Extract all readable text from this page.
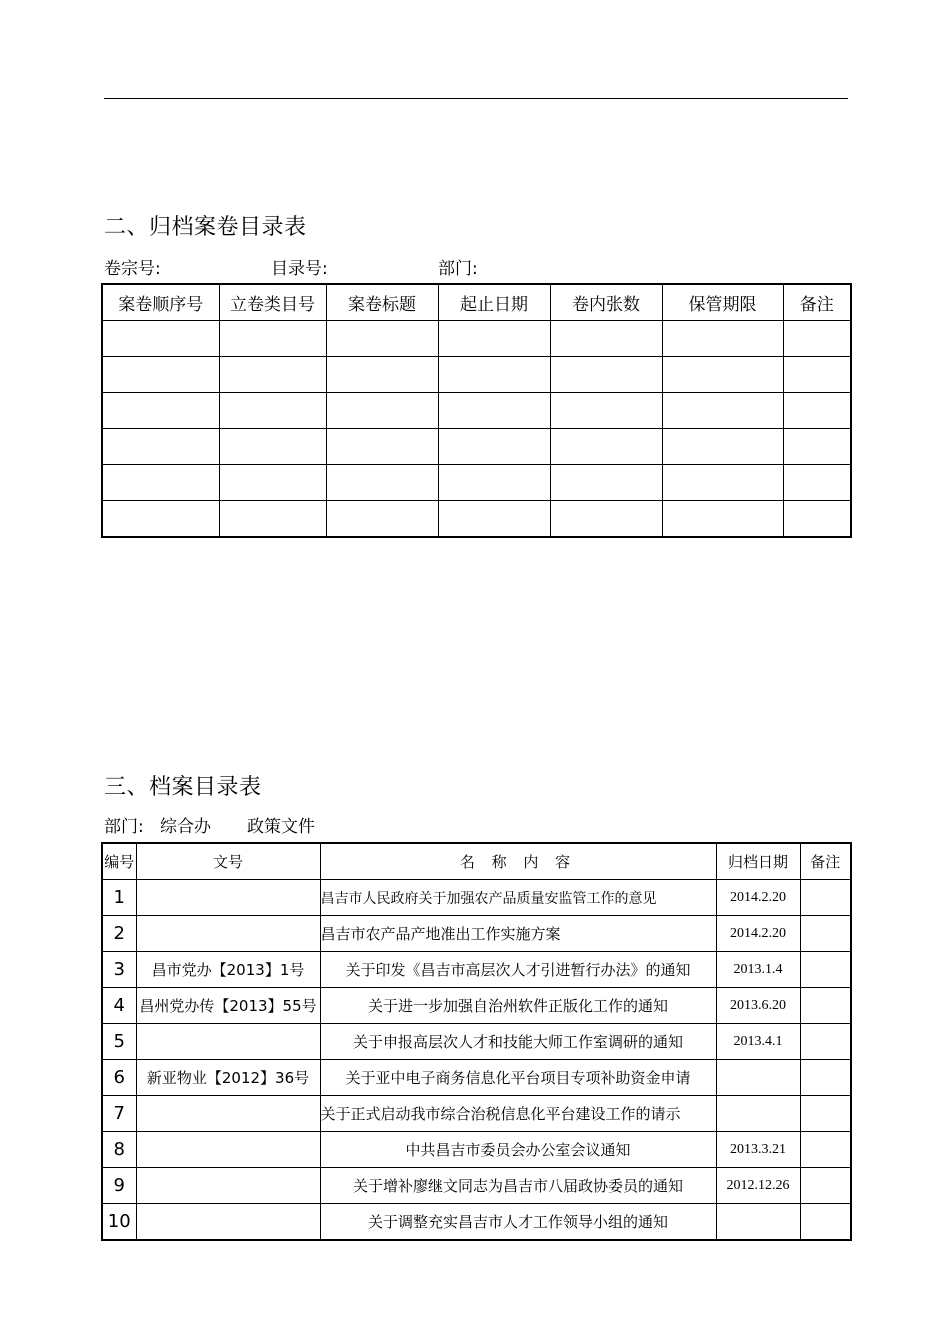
二、归档案卷目录表
卷宗号:	目录号:	部门:
案卷顺序号	立卷类目号	案卷标题	起止日期	卷内张数	保管期限	备注

三、档案目录表
部门: 综合办 政策文件
编号	文号	名 称 内 容	归档日期	备注
1		昌吉市人民政府关于加强农产品质量安监管工作的意见	2014.2.20	
2		昌吉市农产品产地准出工作实施方案	2014.2.20	
3	昌市党办【2013】1号	关于印发《昌吉市高层次人才引进暂行办法》的通知	2013.1.4	
4	昌州党办传【2013】55号	关于进一步加强自治州软件正版化工作的通知	2013.6.20	
5		关于申报高层次人才和技能大师工作室调研的通知	2013.4.1	
6	新亚物业【2012】36号	关于亚中电子商务信息化平台项目专项补助资金申请		
7		关于正式启动我市综合治税信息化平台建设工作的请示		
8		中共昌吉市委员会办公室会议通知	2013.3.21	
9		关于增补廖继文同志为昌吉市八届政协委员的通知	2012.12.26	
10		关于调整充实昌吉市人才工作领导小组的通知		
